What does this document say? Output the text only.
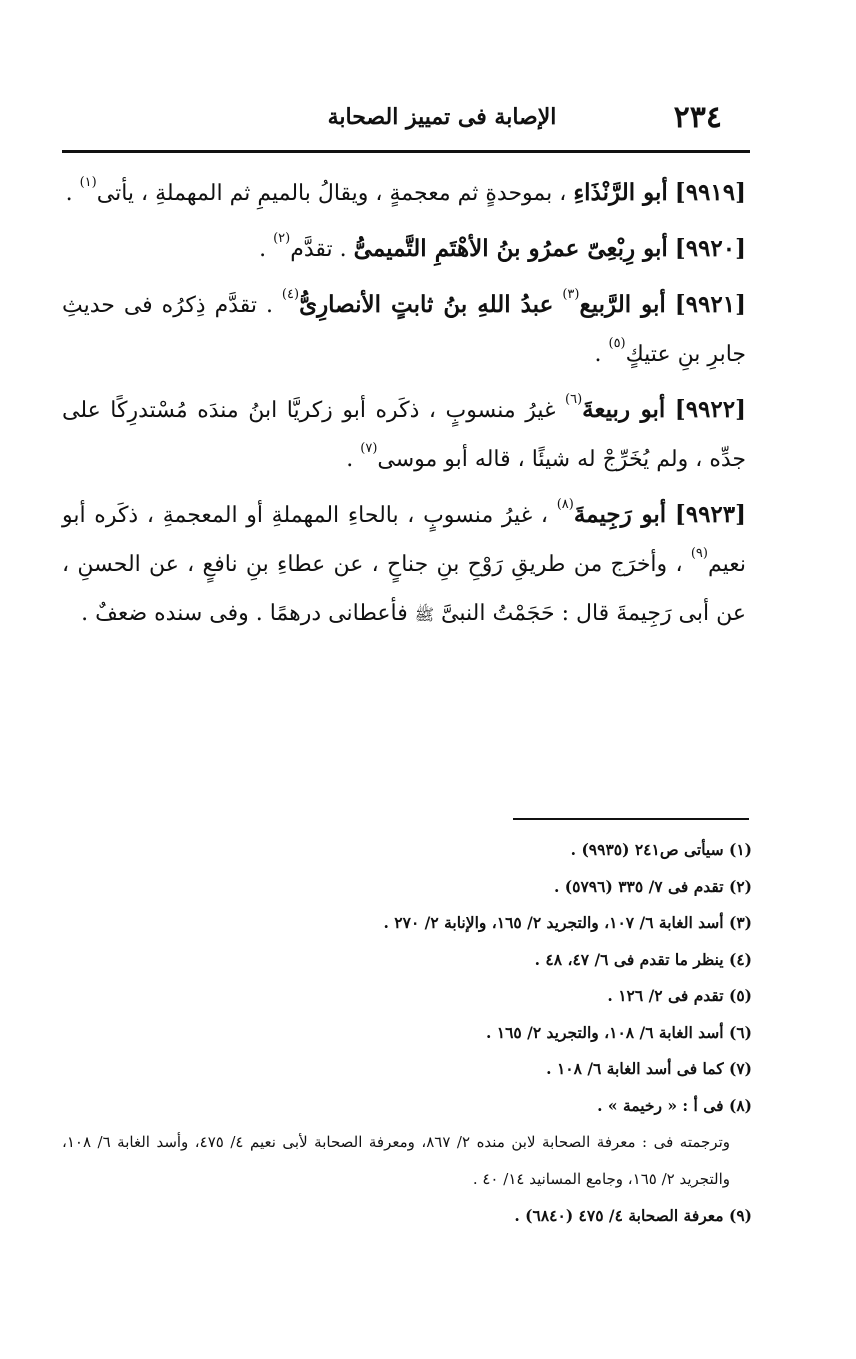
٢٣٤
الإصابة فى تمييز الصحابة

[٩٩١٩] أبو الرَّنْذَاءِ ، بموحدةٍ ثم معجمةٍ ، ويقالُ بالميمِ ثم المهملةِ ، يأتى$^{(١)}$ .

[٩٩٢٠] أبو رِبْعِىّ عمرُو بنُ الأهْتَمِ التَّميمىُّ . تقدَّم$^{(٢)}$ .

[٩٩٢١] أبو الرَّبيع$^{(٣)}$ عبدُ اللهِ بنُ ثابتٍ الأنصارِىُّ$^{(٤)}$ . تقدَّم ذِكرُه فى حديثِ جابرِ بنِ عتيكٍ$^{(٥)}$ .

[٩٩٢٢] أبو ربيعةَ$^{(٦)}$ غيرُ منسوبٍ ، ذكَره أبو زكريَّا ابنُ مندَه مُسْتدرِكًا على جدِّه ، ولم يُخَرِّجْ له شيئًا ، قاله أبو موسى$^{(٧)}$ .

[٩٩٢٣] أبو رَجِيمةَ$^{(٨)}$ ، غيرُ منسوبٍ ، بالحاءِ المهملةِ أو المعجمةِ ، ذكَره أبو نعيم$^{(٩)}$ ، وأخرَج من طريقِ رَوْحِ بنِ جناحٍ ، عن عطاءِ بنِ نافعٍ ، عن الحسنِ ، عن أبى رَجِيمةَ قال : حَجَمْتُ النبىَّ ﷺ فأعطانى درهمًا . وفى سنده ضعفٌ .

(١) سيأتى ص٢٤١ (٩٩٣٥) .

(٢) تقدم فى ٧/ ٣٣٥ (٥٧٩٦) .

(٣) أسد الغابة ٦/ ١٠٧، والتجريد ٢/ ١٦٥، والإنابة ٢/ ٢٧٠ .

(٤) ينظر ما تقدم فى ٦/ ٤٧، ٤٨ .

(٥) تقدم فى ٢/ ١٢٦ .

(٦) أسد الغابة ٦/ ١٠٨، والتجريد ٢/ ١٦٥ .

(٧) كما فى أسد الغابة ٦/ ١٠٨ .

(٨) فى أ : « رخيمة » .

وترجمته فى : معرفة الصحابة لابن منده ٢/ ٨٦٧، ومعرفة الصحابة لأبى نعيم ٤/ ٤٧٥، وأسد الغابة ٦/ ١٠٨، والتجريد ٢/ ١٦٥، وجامع المسانيد ١٤/ ٤٠ .

(٩) معرفة الصحابة ٤/ ٤٧٥ (٦٨٤٠) .
